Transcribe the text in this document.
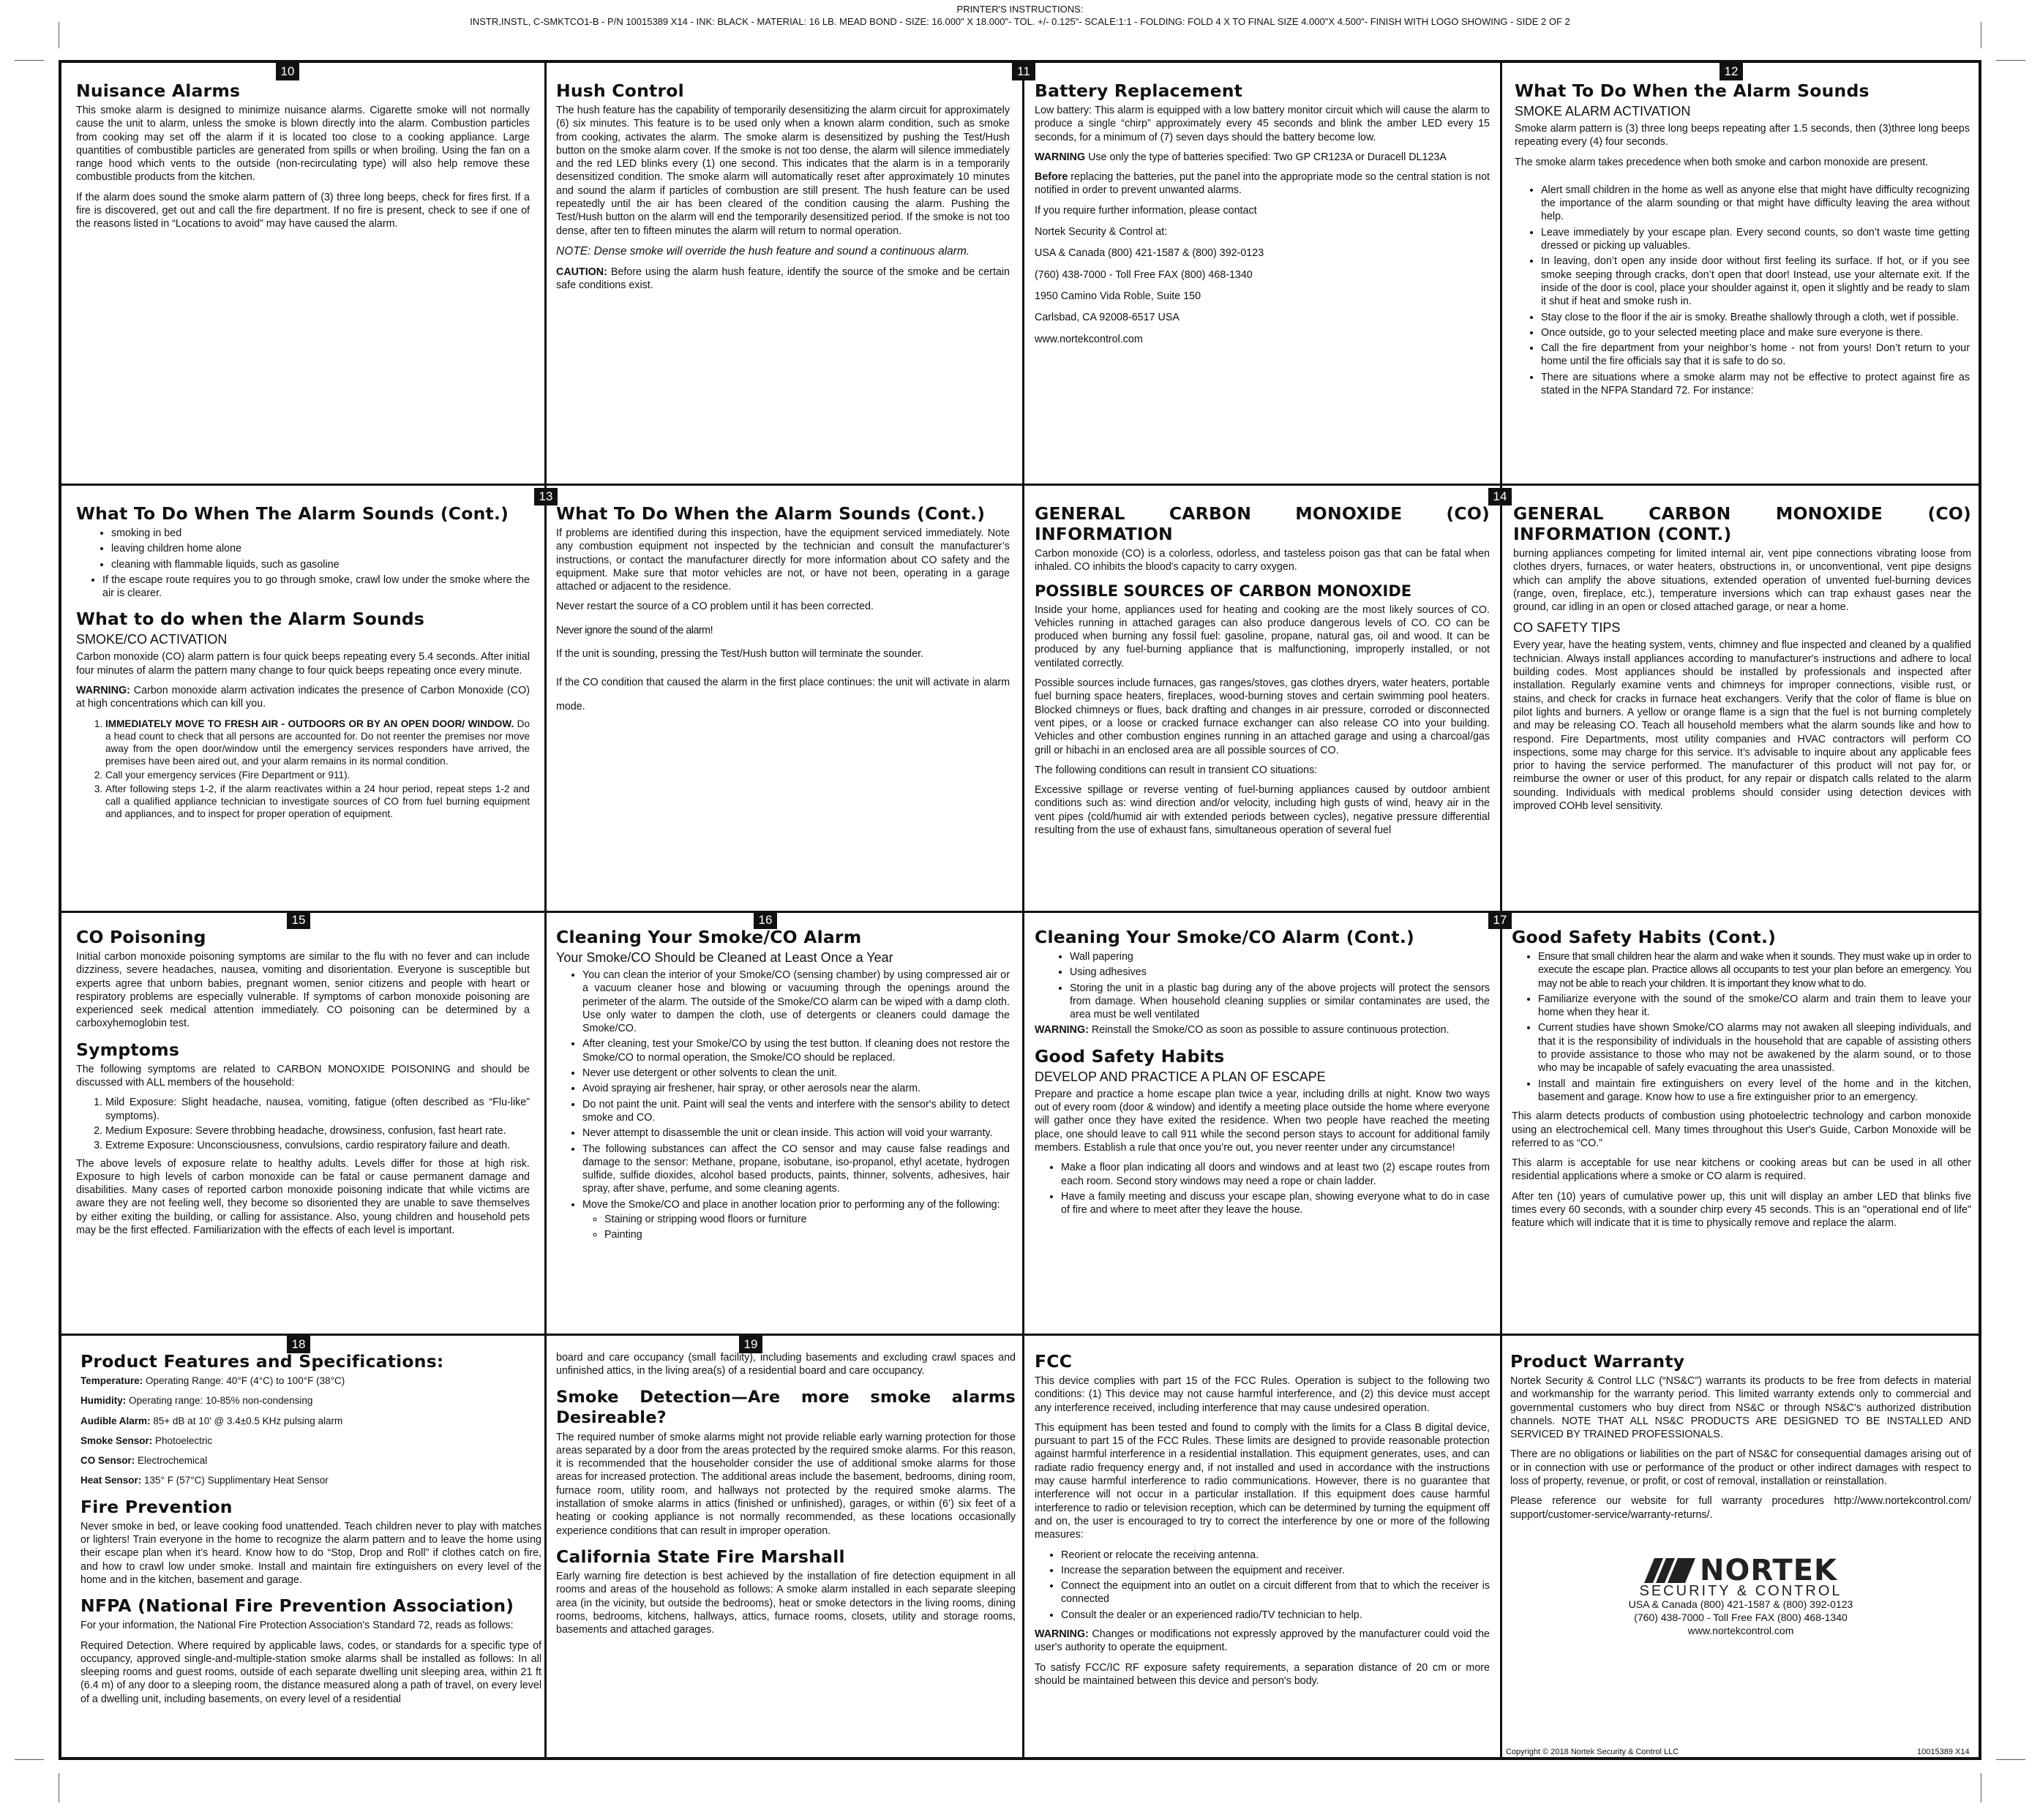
PRINTER'S INSTRUCTIONS:
INSTR,INSTL, C-SMKTCO1-B - P/N 10015389 X14 - INK: BLACK - MATERIAL: 16 LB. MEAD BOND - SIZE: 16.000" X 18.000"- TOL. +/- 0.125"- SCALE:1:1 - FOLDING: FOLD 4 X TO FINAL SIZE 4.000"X 4.500"- FINISH WITH LOGO SHOWING - SIDE 2 OF 2
10	11	12
13	14
15	16	17
18	19
Nuisance Alarms

This smoke alarm is designed to minimize nuisance alarms. Cigarette smoke will not normally cause the unit to alarm, unless the smoke is blown directly into the alarm. Combustion particles from cooking may set off the alarm if it is located too close to a cooking appliance. Large quantities of combustible particles are generated from spills or when broiling. Using the fan on a range hood which vents to the outside (non-recirculating type) will also help remove these combustible products from the kitchen.

If the alarm does sound the smoke alarm pattern of (3) three long beeps, check for fires first. If a fire is discovered, get out and call the fire department. If no fire is present, check to see if one of the reasons listed in “Locations to avoid” may have caused the alarm.

Hush Control

The hush feature has the capability of temporarily desensitizing the alarm circuit for approximately (6) six minutes. This feature is to be used only when a known alarm condition, such as smoke from cooking, activates the alarm. The smoke alarm is desensitized by pushing the Test/Hush button on the smoke alarm cover. If the smoke is not too dense, the alarm will silence immediately and the red LED blinks every (1) one second. This indicates that the alarm is in a temporarily desensitized condition. The smoke alarm will automatically reset after approximately 10 minutes and sound the alarm if particles of combustion are still present. The hush feature can be used repeatedly until the air has been cleared of the condition causing the alarm. Pushing the Test/Hush button on the alarm will end the temporarily desensitized period. If the smoke is not too dense, after ten to fifteen minutes the alarm will return to normal operation.

NOTE: Dense smoke will override the hush feature and sound a continuous alarm.

CAUTION: Before using the alarm hush feature, identify the source of the smoke and be certain safe conditions exist.

Battery Replacement

Low battery: This alarm is equipped with a low battery monitor circuit which will cause the alarm to produce a single “chirp” approximately every 45 seconds and blink the amber LED every 15 seconds, for a minimum of (7) seven days should the battery become low.

WARNING Use only the type of batteries specified: Two GP CR123A or Duracell DL123A

Before replacing the batteries, put the panel into the appropriate mode so the central station is not notified in order to prevent unwanted alarms.

If you require further information, please contact

Nortek Security & Control at:

USA & Canada (800) 421-1587 & (800) 392-0123

(760) 438-7000 - Toll Free FAX (800) 468-1340

1950 Camino Vida Roble, Suite 150

Carlsbad, CA 92008-6517 USA

www.nortekcontrol.com

What To Do When the Alarm Sounds
SMOKE ALARM ACTIVATION

Smoke alarm pattern is (3) three long beeps repeating after 1.5 seconds, then (3)three long beeps repeating every (4) four seconds.

The smoke alarm takes precedence when both smoke and carbon monoxide are present.

• Alert small children in the home as well as anyone else that might have difficulty recognizing the importance of the alarm sounding or that might have difficulty leaving the area without help.
• Leave immediately by your escape plan. Every second counts, so don’t waste time getting dressed or picking up valuables.
• In leaving, don’t open any inside door without first feeling its surface. If hot, or if you see smoke seeping through cracks, don’t open that door! Instead, use your alternate exit. If the inside of the door is cool, place your shoulder against it, open it slightly and be ready to slam it shut if heat and smoke rush in.
• Stay close to the floor if the air is smoky. Breathe shallowly through a cloth, wet if possible.
• Once outside, go to your selected meeting place and make sure everyone is there.
• Call the fire department from your neighbor’s home - not from yours! Don’t return to your home until the fire officials say that it is safe to do so.
• There are situations where a smoke alarm may not be effective to protect against fire as stated in the NFPA Standard 72. For instance:
What To Do When The Alarm Sounds (Cont.)
• smoking in bed
• leaving children home alone
• cleaning with flammable liquids, such as gasoline
• If the escape route requires you to go through smoke, crawl low under the smoke where the air is clearer.
What to do when the Alarm Sounds
SMOKE/CO ACTIVATION

Carbon monoxide (CO) alarm pattern is four quick beeps repeating every 5.4 seconds. After initial four minutes of alarm the pattern many change to four quick beeps repeating once every minute.

WARNING: Carbon monoxide alarm activation indicates the presence of Carbon Monoxide (CO) at high concentrations which can kill you.

1. IMMEDIATELY MOVE TO FRESH AIR - OUTDOORS OR BY AN OPEN DOOR/ WINDOW. Do a head count to check that all persons are accounted for. Do not reenter the premises nor move away from the open door/window until the emergency services responders have arrived, the premises have been aired out, and your alarm remains in its normal condition.
2. Call your emergency services (Fire Department or 911).
3. After following steps 1-2, if the alarm reactivates within a 24 hour period, repeat steps 1-2 and call a qualified appliance technician to investigate sources of CO from fuel burning equipment and appliances, and to inspect for proper operation of equipment.
What To Do When the Alarm Sounds (Cont.)

If problems are identified during this inspection, have the equipment serviced immediately. Note any combustion equipment not inspected by the technician and consult the manufacturer’s instructions, or contact the manufacturer directly for more information about CO safety and the equipment. Make sure that motor vehicles are not, or have not been, operating in a garage attached or adjacent to the residence.

Never restart the source of a CO problem until it has been corrected.

Never ignore the sound of the alarm!

If the unit is sounding, pressing the Test/Hush button will terminate the sounder.

If the CO condition that caused the alarm in the first place continues: the unit will activate in alarm mode.

GENERAL CARBON MONOXIDE (CO) INFORMATION

Carbon monoxide (CO) is a colorless, odorless, and tasteless poison gas that can be fatal when inhaled. CO inhibits the blood's capacity to carry oxygen.

POSSIBLE SOURCES OF CARBON MONOXIDE

Inside your home, appliances used for heating and cooking are the most likely sources of CO. Vehicles running in attached garages can also produce dangerous levels of CO. CO can be produced when burning any fossil fuel: gasoline, propane, natural gas, oil and wood. It can be produced by any fuel-burning appliance that is malfunctioning, improperly installed, or not ventilated correctly.

Possible sources include furnaces, gas ranges/stoves, gas clothes dryers, water heaters, portable fuel burning space heaters, fireplaces, wood-burning stoves and certain swimming pool heaters. Blocked chimneys or flues, back drafting and changes in air pressure, corroded or disconnected vent pipes, or a loose or cracked furnace exchanger can also release CO into your building. Vehicles and other combustion engines running in an attached garage and using a charcoal/gas grill or hibachi in an enclosed area are all possible sources of CO.

The following conditions can result in transient CO situations:

Excessive spillage or reverse venting of fuel-burning appliances caused by outdoor ambient conditions such as: wind direction and/or velocity, including high gusts of wind, heavy air in the vent pipes (cold/humid air with extended periods between cycles), negative pressure differential resulting from the use of exhaust fans, simultaneous operation of several fuel

GENERAL CARBON MONOXIDE (CO) INFORMATION (CONT.)

burning appliances competing for limited internal air, vent pipe connections vibrating loose from clothes dryers, furnaces, or water heaters, obstructions in, or unconventional, vent pipe designs which can amplify the above situations, extended operation of unvented fuel-burning devices (range, oven, fireplace, etc.), temperature inversions which can trap exhaust gases near the ground, car idling in an open or closed attached garage, or near a home.

CO SAFETY TIPS

Every year, have the heating system, vents, chimney and flue inspected and cleaned by a qualified technician. Always install appliances according to manufacturer's instructions and adhere to local building codes. Most appliances should be installed by professionals and inspected after installation. Regularly examine vents and chimneys for improper connections, visible rust, or stains, and check for cracks in furnace heat exchangers. Verify that the color of flame is blue on pilot lights and burners. A yellow or orange flame is a sign that the fuel is not burning completely and may be releasing CO. Teach all household members what the alarm sounds like and how to respond. Fire Departments, most utility companies and HVAC contractors will perform CO inspections, some may charge for this service. It’s advisable to inquire about any applicable fees prior to having the service performed. The manufacturer of this product will not pay for, or reimburse the owner or user of this product, for any repair or dispatch calls related to the alarm sounding. Individuals with medical problems should consider using detection devices with improved COHb level sensitivity.

CO Poisoning

Initial carbon monoxide poisoning symptoms are similar to the flu with no fever and can include dizziness, severe headaches, nausea, vomiting and disorientation. Everyone is susceptible but experts agree that unborn babies, pregnant women, senior citizens and people with heart or respiratory problems are especially vulnerable. If symptoms of carbon monoxide poisoning are experienced seek medical attention immediately. CO poisoning can be determined by a carboxyhemoglobin test.

Symptoms

The following symptoms are related to CARBON MONOXIDE POISONING and should be discussed with ALL members of the household:

1. Mild Exposure: Slight headache, nausea, vomiting, fatigue (often described as “Flu-like” symptoms).
2. Medium Exposure: Severe throbbing headache, drowsiness, confusion, fast heart rate.
3. Extreme Exposure: Unconsciousness, convulsions, cardio respiratory failure and death.

The above levels of exposure relate to healthy adults. Levels differ for those at high risk. Exposure to high levels of carbon monoxide can be fatal or cause permanent damage and disabilities. Many cases of reported carbon monoxide poisoning indicate that while victims are aware they are not feeling well, they become so disoriented they are unable to save themselves by either exiting the building, or calling for assistance. Also, young children and household pets may be the first effected. Familiarization with the effects of each level is important.

Cleaning Your Smoke/CO Alarm
Your Smoke/CO Should be Cleaned at Least Once a Year
• You can clean the interior of your Smoke/CO (sensing chamber) by using compressed air or a vacuum cleaner hose and blowing or vacuuming through the openings around the perimeter of the alarm. The outside of the Smoke/CO alarm can be wiped with a damp cloth. Use only water to dampen the cloth, use of detergents or cleaners could damage the Smoke/CO.
• After cleaning, test your Smoke/CO by using the test button. If cleaning does not restore the Smoke/CO to normal operation, the Smoke/CO should be replaced.
• Never use detergent or other solvents to clean the unit.
• Avoid spraying air freshener, hair spray, or other aerosols near the alarm.
• Do not paint the unit. Paint will seal the vents and interfere with the sensor's ability to detect smoke and CO.
• Never attempt to disassemble the unit or clean inside. This action will void your warranty.
• The following substances can affect the CO sensor and may cause false readings and damage to the sensor: Methane, propane, isobutane, iso-propanol, ethyl acetate, hydrogen sulfide, sulfide dioxides, alcohol based products, paints, thinner, solvents, adhesives, hair spray, after shave, perfume, and some cleaning agents.
• Move the Smoke/CO and place in another location prior to performing any of the following:
◦ Staining or stripping wood floors or furniture
◦ Painting
Cleaning Your Smoke/CO Alarm (Cont.)
• Wall papering
• Using adhesives
• Storing the unit in a plastic bag during any of the above projects will protect the sensors from damage. When household cleaning supplies or similar contaminates are used, the area must be well ventilated

WARNING: Reinstall the Smoke/CO as soon as possible to assure continuous protection.

Good Safety Habits
DEVELOP AND PRACTICE A PLAN OF ESCAPE

Prepare and practice a home escape plan twice a year, including drills at night. Know two ways out of every room (door & window) and identify a meeting place outside the home where everyone will gather once they have exited the residence. When two people have reached the meeting place, one should leave to call 911 while the second person stays to account for additional family members. Establish a rule that once you’re out, you never reenter under any circumstance!

• Make a floor plan indicating all doors and windows and at least two (2) escape routes from each room. Second story windows may need a rope or chain ladder.
• Have a family meeting and discuss your escape plan, showing everyone what to do in case of fire and where to meet after they leave the house.
Good Safety Habits (Cont.)
• Ensure that small children hear the alarm and wake when it sounds. They must wake up in order to execute the escape plan. Practice allows all occupants to test your plan before an emergency. You may not be able to reach your children. It is important they know what to do.
• Familiarize everyone with the sound of the smoke/CO alarm and train them to leave your home when they hear it.
• Current studies have shown Smoke/CO alarms may not awaken all sleeping individuals, and that it is the responsibility of individuals in the household that are capable of assisting others to provide assistance to those who may not be awakened by the alarm sound, or to those who may be incapable of safely evacuating the area unassisted.
• Install and maintain fire extinguishers on every level of the home and in the kitchen, basement and garage. Know how to use a fire extinguisher prior to an emergency.

This alarm detects products of combustion using photoelectric technology and carbon monoxide using an electrochemical cell. Many times throughout this User's Guide, Carbon Monoxide will be referred to as “CO.”

This alarm is acceptable for use near kitchens or cooking areas but can be used in all other residential applications where a smoke or CO alarm is required.

After ten (10) years of cumulative power up, this unit will display an amber LED that blinks five times every 60 seconds, with a sounder chirp every 45 seconds. This is an "operational end of life" feature which will indicate that it is time to physically remove and replace the alarm.

Product Features and Specifications:

Temperature: Operating Range: 40°F (4°C) to 100°F (38°C)

Humidity: Operating range: 10-85% non-condensing

Audible Alarm: 85+ dB at 10' @ 3.4±0.5 KHz pulsing alarm

Smoke Sensor: Photoelectric

CO Sensor: Electrochemical

Heat Sensor: 135° F (57°C) Supplimentary Heat Sensor

Fire Prevention

Never smoke in bed, or leave cooking food unattended. Teach children never to play with matches or lighters! Train everyone in the home to recognize the alarm pattern and to leave the home using their escape plan when it’s heard. Know how to do “Stop, Drop and Roll” if clothes catch on fire, and how to crawl low under smoke. Install and maintain fire extinguishers on every level of the home and in the kitchen, basement and garage.

NFPA (National Fire Prevention Association)

For your information, the National Fire Protection Association's Standard 72, reads as follows:

Required Detection. Where required by applicable laws, codes, or standards for a specific type of occupancy, approved single-and-multiple-station smoke alarms shall be installed as follows: In all sleeping rooms and guest rooms, outside of each separate dwelling unit sleeping area, within 21 ft (6.4 m) of any door to a sleeping room, the distance measured along a path of travel, on every level of a dwelling unit, including basements, on every level of a residential

board and care occupancy (small facility), including basements and excluding crawl spaces and unfinished attics, in the living area(s) of a residential board and care occupancy.

Smoke Detection—Are more smoke alarms Desireable?

The required number of smoke alarms might not provide reliable early warning protection for those areas separated by a door from the areas protected by the required smoke alarms. For this reason, it is recommended that the householder consider the use of additional smoke alarms for those areas for increased protection. The additional areas include the basement, bedrooms, dining room, furnace room, utility room, and hallways not protected by the required smoke alarms. The installation of smoke alarms in attics (finished or unfinished), garages, or within (6’) six feet of a heating or cooking appliance is not normally recommended, as these locations occasionally experience conditions that can result in improper operation.

California State Fire Marshall

Early warning fire detection is best achieved by the installation of fire detection equipment in all rooms and areas of the household as follows: A smoke alarm installed in each separate sleeping area (in the vicinity, but outside the bedrooms), heat or smoke detectors in the living rooms, dining rooms, bedrooms, kitchens, hallways, attics, furnace rooms, closets, utility and storage rooms, basements and attached garages.

FCC

This device complies with part 15 of the FCC Rules. Operation is subject to the following two conditions: (1) This device may not cause harmful interference, and (2) this device must accept any interference received, including interference that may cause undesired operation.

This equipment has been tested and found to comply with the limits for a Class B digital device, pursuant to part 15 of the FCC Rules. These limits are designed to provide reasonable protection against harmful interference in a residential installation. This equipment generates, uses, and can radiate radio frequency energy and, if not installed and used in accordance with the instructions may cause harmful interference to radio communications. However, there is no guarantee that interference will not occur in a particular installation. If this equipment does cause harmful interference to radio or television reception, which can be determined by turning the equipment off and on, the user is encouraged to try to correct the interference by one or more of the following measures:

• Reorient or relocate the receiving antenna.
• Increase the separation between the equipment and receiver.
• Connect the equipment into an outlet on a circuit different from that to which the receiver is connected
• Consult the dealer or an experienced radio/TV technician to help.

WARNING: Changes or modifications not expressly approved by the manufacturer could void the user's authority to operate the equipment.

To satisfy FCC/IC RF exposure safety requirements, a separation distance of 20 cm or more should be maintained between this device and person's body.

Product Warranty

Nortek Security & Control LLC (“NS&C”) warrants its products to be free from defects in material and workmanship for the warranty period. This limited warranty extends only to commercial and governmental customers who buy direct from NS&C or through NS&C's authorized distribution channels. NOTE THAT ALL NS&C PRODUCTS ARE DESIGNED TO BE INSTALLED AND SERVICED BY TRAINED PROFESSIONALS.

There are no obligations or liabilities on the part of NS&C for consequential damages arising out of or in connection with use or performance of the product or other indirect damages with respect to loss of property, revenue, or profit, or cost of removal, installation or reinstallation.

Please reference our website for full warranty procedures http://www.nortekcontrol.com/ support/customer-service/warranty-returns/.

NORTEK
SECURITY & CONTROL
USA & Canada (800) 421-1587 & (800) 392-0123
(760) 438-7000 - Toll Free FAX (800) 468-1340
www.nortekcontrol.com
Copyright © 2018 Nortek Security & Control LLC	10015389 X14
